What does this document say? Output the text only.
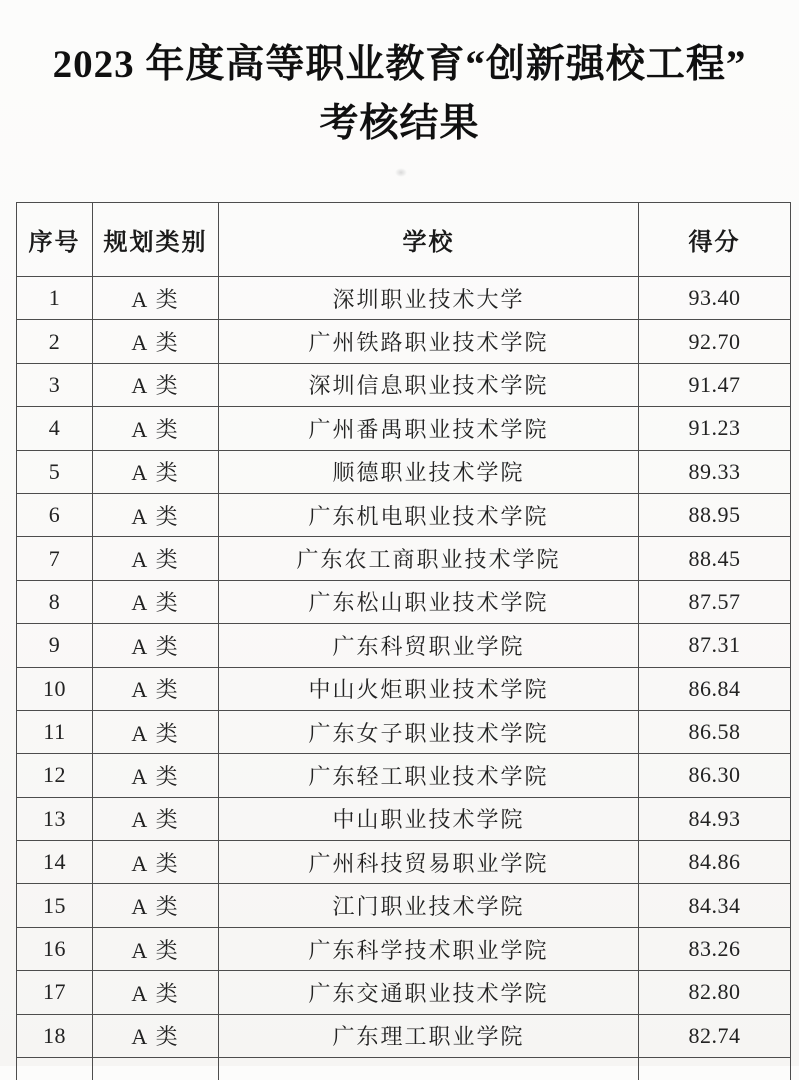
2023 年度高等职业教育“创新强校工程”
考核结果
序号	规划类别	学校	得分
1	A 类	深圳职业技术大学	93.40
2	A 类	广州铁路职业技术学院	92.70
3	A 类	深圳信息职业技术学院	91.47
4	A 类	广州番禺职业技术学院	91.23
5	A 类	顺德职业技术学院	89.33
6	A 类	广东机电职业技术学院	88.95
7	A 类	广东农工商职业技术学院	88.45
8	A 类	广东松山职业技术学院	87.57
9	A 类	广东科贸职业学院	87.31
10	A 类	中山火炬职业技术学院	86.84
11	A 类	广东女子职业技术学院	86.58
12	A 类	广东轻工职业技术学院	86.30
13	A 类	中山职业技术学院	84.93
14	A 类	广州科技贸易职业学院	84.86
15	A 类	江门职业技术学院	84.34
16	A 类	广东科学技术职业学院	83.26
17	A 类	广东交通职业技术学院	82.80
18	A 类	广东理工职业学院	82.74
